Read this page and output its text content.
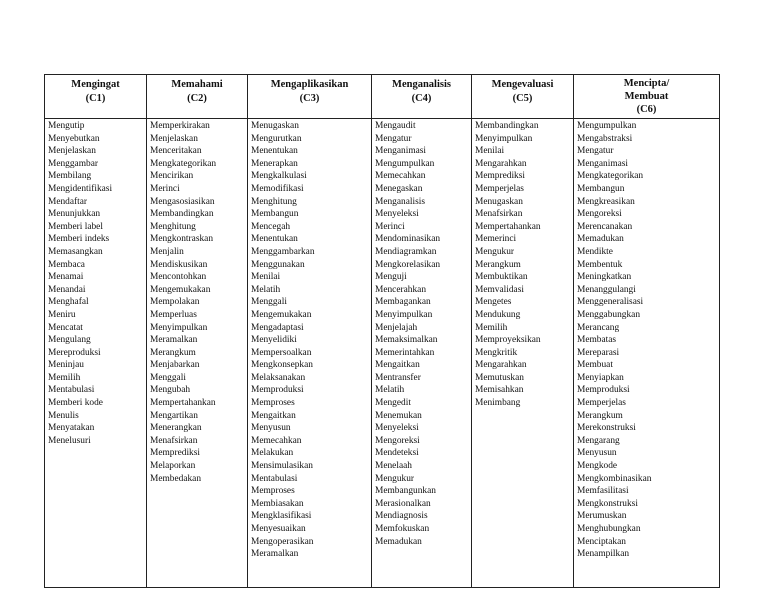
Mengingat
(C1)
Mengutip
Menyebutkan
Menjelaskan
Menggambar
Membilang
Mengidentifikasi
Mendaftar
Menunjukkan
Memberi label
Memberi indeks
Memasangkan
Membaca
Menamai
Menandai
Menghafal
Meniru
Mencatat
Mengulang
Mereproduksi
Meninjau
Memilih
Mentabulasi
Memberi kode
Menulis
Menyatakan
Menelusuri
Memahami
(C2)
Memperkirakan
Menjelaskan
Menceritakan
Mengkategorikan
Mencirikan
Merinci
Mengasosiasikan
Membandingkan
Menghitung
Mengkontraskan
Menjalin
Mendiskusikan
Mencontohkan
Mengemukakan
Mempolakan
Memperluas
Menyimpulkan
Meramalkan
Merangkum
Menjabarkan
Menggali
Mengubah
Mempertahankan
Mengartikan
Menerangkan
Menafsirkan
Memprediksi
Melaporkan
Membedakan
Mengaplikasikan
(C3)
Menugaskan
Mengurutkan
Menentukan
Menerapkan
Mengkalkulasi
Memodifikasi
Menghitung
Membangun
Mencegah
Menentukan
Menggambarkan
Menggunakan
Menilai
Melatih
Menggali
Mengemukakan
Mengadaptasi
Menyelidiki
Mempersoalkan
Mengkonsepkan
Melaksanakan
Memproduksi
Memproses
Mengaitkan
Menyusun
Memecahkan
Melakukan
Mensimulasikan
Mentabulasi
Memproses
Membiasakan
Mengklasifikasi
Menyesuaikan
Mengoperasikan
Meramalkan
Menganalisis
(C4)
Mengaudit
Mengatur
Menganimasi
Mengumpulkan
Memecahkan
Menegaskan
Menganalisis
Menyeleksi
Merinci
Mendominasikan
Mendiagramkan
Mengkorelasikan
Menguji
Mencerahkan
Membagankan
Menyimpulkan
Menjelajah
Memaksimalkan
Memerintahkan
Mengaitkan
Mentransfer
Melatih
Mengedit
Menemukan
Menyeleksi
Mengoreksi
Mendeteksi
Menelaah
Mengukur
Membangunkan
Merasionalkan
Mendiagnosis
Memfokuskan
Memadukan
Mengevaluasi
(C5)
Membandingkan
Menyimpulkan
Menilai
Mengarahkan
Memprediksi
Memperjelas
Menugaskan
Menafsirkan
Mempertahankan
Memerinci
Mengukur
Merangkum
Membuktikan
Memvalidasi
Mengetes
Mendukung
Memilih
Memproyeksikan
Mengkritik
Mengarahkan
Memutuskan
Memisahkan
Menimbang
Mencipta/
Membuat
(C6)
Mengumpulkan
Mengabstraksi
Mengatur
Menganimasi
Mengkategorikan
Membangun
Mengkreasikan
Mengoreksi
Merencanakan
Memadukan
Mendikte
Membentuk
Meningkatkan
Menanggulangi
Menggeneralisasi
Menggabungkan
Merancang
Membatas
Mereparasi
Membuat
Menyiapkan
Memproduksi
Memperjelas
Merangkum
Merekonstruksi
Mengarang
Menyusun
Mengkode
Mengkombinasikan
Memfasilitasi
Mengkonstruksi
Merumuskan
Menghubungkan
Menciptakan
Menampilkan
